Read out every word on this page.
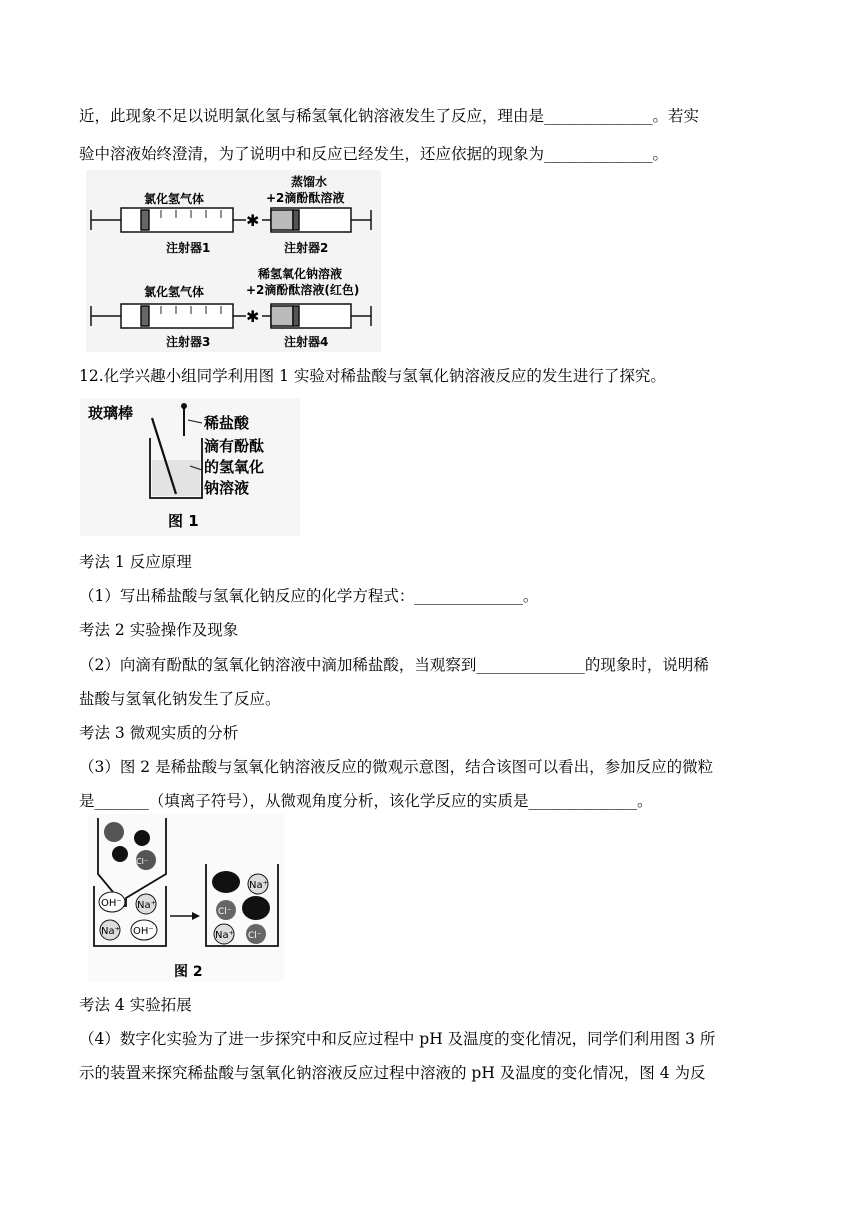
近，此现象不足以说明氯化氢与稀氢氧化钠溶液发生了反应，理由是______________。若实
验中溶液始终澄清，为了说明中和反应已经发生，还应依据的现象为______________。
氯化氢气体
蒸馏水
+2滴酚酞溶液
✱
注射器1	注射器2
氯化氢气体
稀氢氧化钠溶液
+2滴酚酞溶液(红色)
✱
注射器3	注射器4
12.化学兴趣小组同学利用图 1 实验对稀盐酸与氢氧化钠溶液反应的发生进行了探究。
玻璃棒
稀盐酸
滴有酚酞
的氢氧化
钠溶液
图 1
考法 1 反应原理
（1）写出稀盐酸与氢氧化钠反应的化学方程式：______________。
考法 2 实验操作及现象
（2）向滴有酚酞的氢氧化钠溶液中滴加稀盐酸，当观察到______________的现象时，说明稀
盐酸与氢氧化钠发生了反应。
考法 3 微观实质的分析
（3）图 2 是稀盐酸与氢氧化钠溶液反应的微观示意图，结合该图可以看出，参加反应的微粒
是_______（填离子符号），从微观角度分析，该化学反应的实质是______________。
Cl⁻
OH⁻ Na⁺
Na⁺ OH⁻
Na⁺
Cl⁻
Na⁺ Cl⁻
图 2
考法 4 实验拓展
（4）数字化实验为了进一步探究中和反应过程中 pH 及温度的变化情况，同学们利用图 3 所
示的装置来探究稀盐酸与氢氧化钠溶液反应过程中溶液的 pH 及温度的变化情况，图 4 为反
